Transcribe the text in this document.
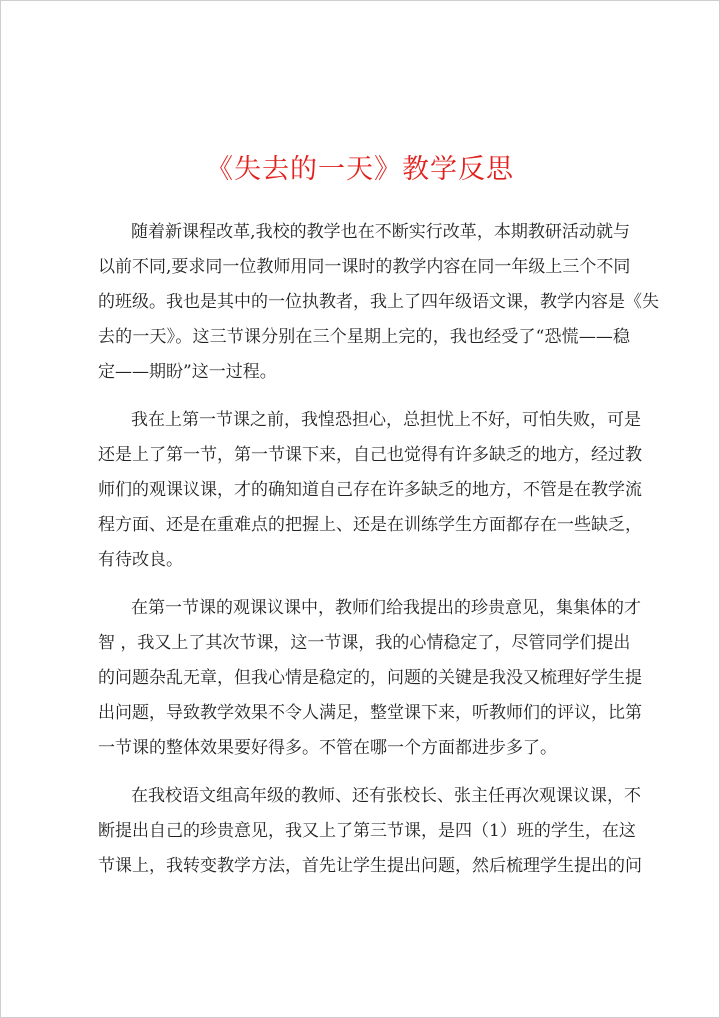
《失去的一天》教学反思
随着新课程改革,我校的教学也在不断实行改革，本期教研活动就与
以前不同,要求同一位教师用同一课时的教学内容在同一年级上三个不同
的班级。我也是其中的一位执教者，我上了四年级语文课，教学内容是《失
去的一天》。这三节课分别在三个星期上完的，我也经受了“恐慌——稳
定——期盼”这一过程。
我在上第一节课之前，我惶恐担心，总担忧上不好，可怕失败，可是
还是上了第一节，第一节课下来，自己也觉得有许多缺乏的地方，经过教
师们的观课议课，才的确知道自己存在许多缺乏的地方，不管是在教学流
程方面、还是在重难点的把握上、还是在训练学生方面都存在一些缺乏，
有待改良。
在第一节课的观课议课中，教师们给我提出的珍贵意见，集集体的才
智 ，我又上了其次节课，这一节课，我的心情稳定了，尽管同学们提出
的问题杂乱无章，但我心情是稳定的，问题的关键是我没又梳理好学生提
出问题，导致教学效果不令人满足，整堂课下来，听教师们的评议，比第
一节课的整体效果要好得多。不管在哪一个方面都进步多了。
在我校语文组高年级的教师、还有张校长、张主任再次观课议课，不
断提出自己的珍贵意见，我又上了第三节课，是四（1）班的学生，在这
节课上，我转变教学方法，首先让学生提出问题，然后梳理学生提出的问
